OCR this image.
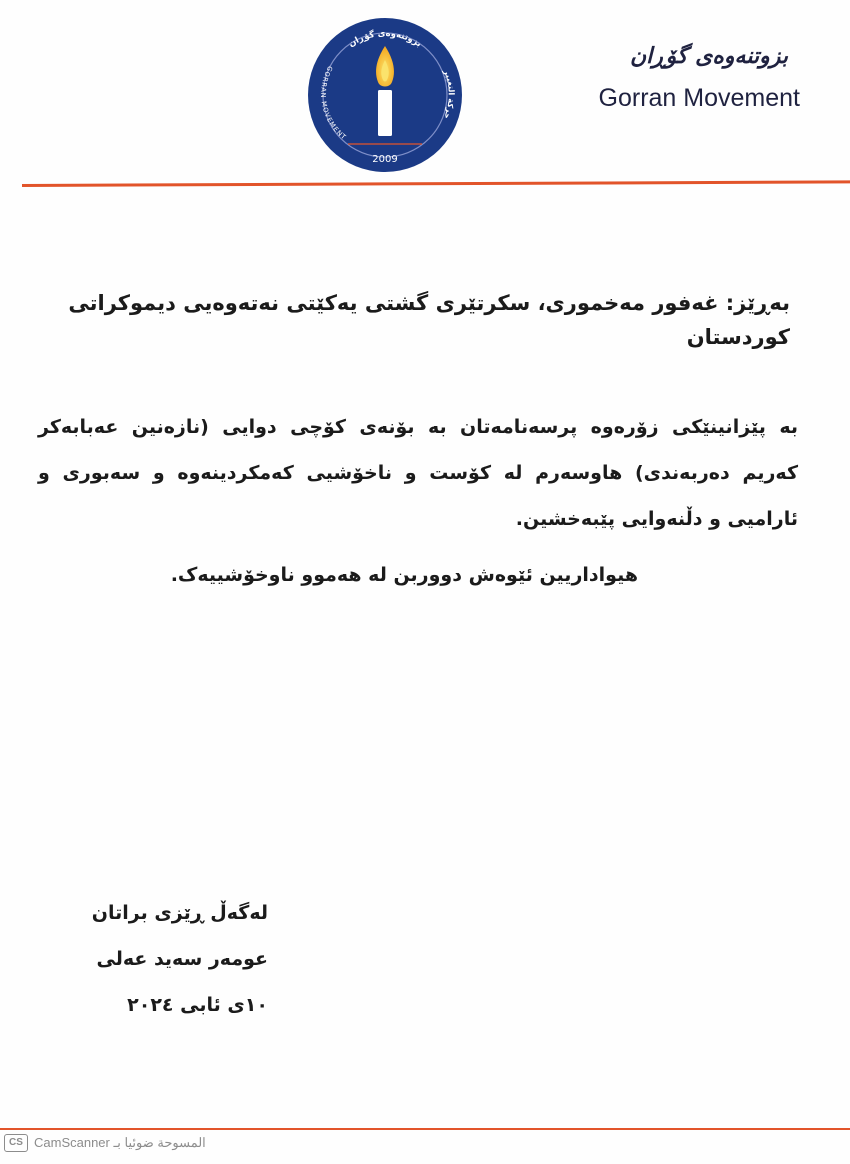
بزوتنەوەی گۆڕان
GORRAN MOVEMENT
حركة التغيير
2009
بزوتنەوەی گۆڕان
Gorran Movement
بەڕێز: غەفور مەخموری، سکرتێری گشتی یەکێتی نەتەوەیی دیموکراتی کوردستان
بە پێزانینێکی زۆرەوە پرسەنامەتان بە بۆنەی کۆچی دوایی (نازەنین عەبابەکر کەریم دەربەندی) هاوسەرم لە کۆست و ناخۆشیی کەمکردینەوە و سەبوری و ئارامیی و دڵنەوایی پێبەخشین.
هیواداریین ئێوەش دووربن لە هەموو ناوخۆشییەک.
لەگەڵ ڕێزی براتان
عومەر سەید عەلی
١٠ی ئابی ٢٠٢٤
CS CamScanner المسوحة ضوئيا بـ
